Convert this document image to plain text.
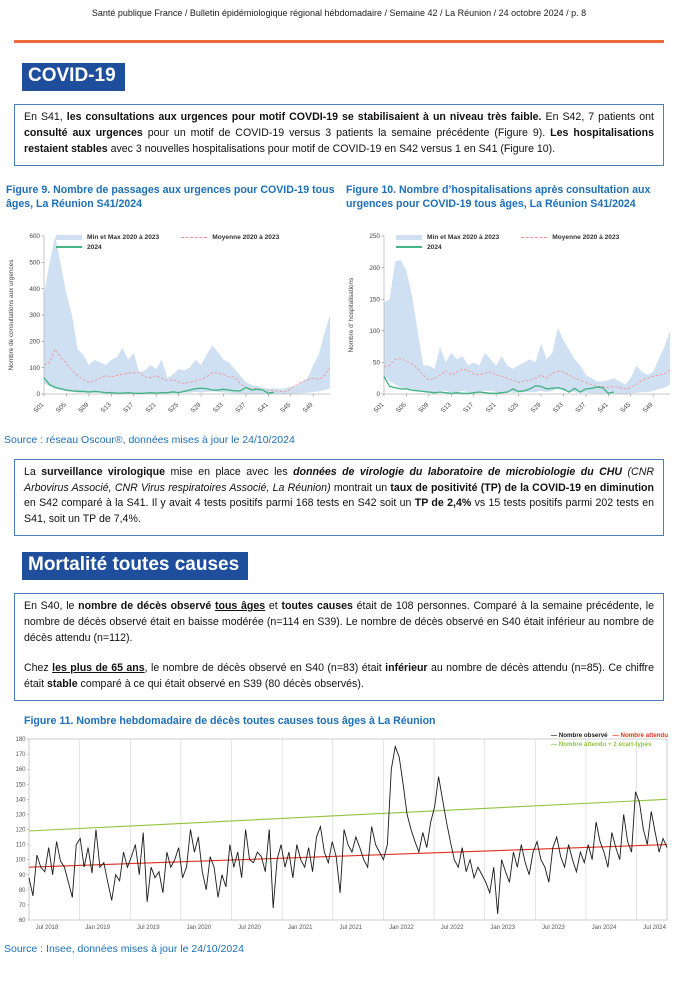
Santé publique France / Bulletin épidémiologique régional hébdomadaire / Semaine 42 / La Réunion / 24 octobre 2024 / p. 8
COVID-19

En S41, les consultations aux urgences pour motif COVDI-19 se stabilisaient à un niveau très faible. En S42, 7 patients ont consulté aux urgences pour un motif de COVID-19 versus 3 patients la semaine précédente (Figure 9). Les hospitalisations restaient stables avec 3 nouvelles hospitalisations pour motif de COVID-19 en S42 versus 1 en S41 (Figure 10).

Figure 9. Nombre de passages aux urgences pour COVID-19 tous âges, La Réunion S41/2024
0
100
200
300
400
500
600
S01 S05 S09 S13 S17 S21 S25 S29 S33 S37 S41 S45 S49
Nombre de consultations aux urgences
Min et Max 2020 à 2023	Moyenne 2020 à 2023
2024
Figure 10. Nombre d’hospitalisations après consultation aux urgences pour COVID-19 tous âges, La Réunion S41/2024
0
50
100
150
200
250
S01 S05 S09 S13 S17 S21 S25 S29 S33 S37 S41 S45 S49
Nombre d’ hospitalisations
Min et Max 2020 à 2023	Moyenne 2020 à 2023
2024
Source : réseau Oscour®, données mises à jour le 24/10/2024

La surveillance virologique mise en place avec les données de virologie du laboratoire de microbiologie du CHU (CNR Arbovirus Associé, CNR Virus respiratoires Associé, La Réunion) montrait un taux de positivité (TP) de la COVID-19 en diminution en S42 comparé à la S41. Il y avait 4 tests positifs parmi 168 tests en S42 soit un TP de 2,4% vs 15 tests positifs parmi 202 tests en S41, soit un TP de 7,4%.

Mortalité toutes causes

En S40, le nombre de décès observé tous âges et toutes causes était de 108 personnes. Comparé à la semaine précédente, le nombre de décès observé était en baisse modérée (n=114 en S39). Le nombre de décès observé en S40 était inférieur au nombre de décès attendu (n=112).

Chez les plus de 65 ans, le nombre de décès observé en S40 (n=83) était inférieur au nombre de décès attendu (n=85). Ce chiffre était stable comparé à ce qui était observé en S39 (80 décès observés).

Figure 11. Nombre hebdomadaire de décès toutes causes tous âges à La Réunion
Jul 2018	Jan 2019	Jul 2019	Jan 2020	Jul 2020	Jan 2021	Jul 2021	Jan 2022	Jul 2022	Jan 2023	Jul 2023	Jan 2024	Jul 2024
60
70
80
90
100
110
120
130
140
150
160
170
180
— Nombre observé — Nombre attendu
— Nombre attendu + 2 écart-types
Source : Insee, données mises à jour le 24/10/2024
